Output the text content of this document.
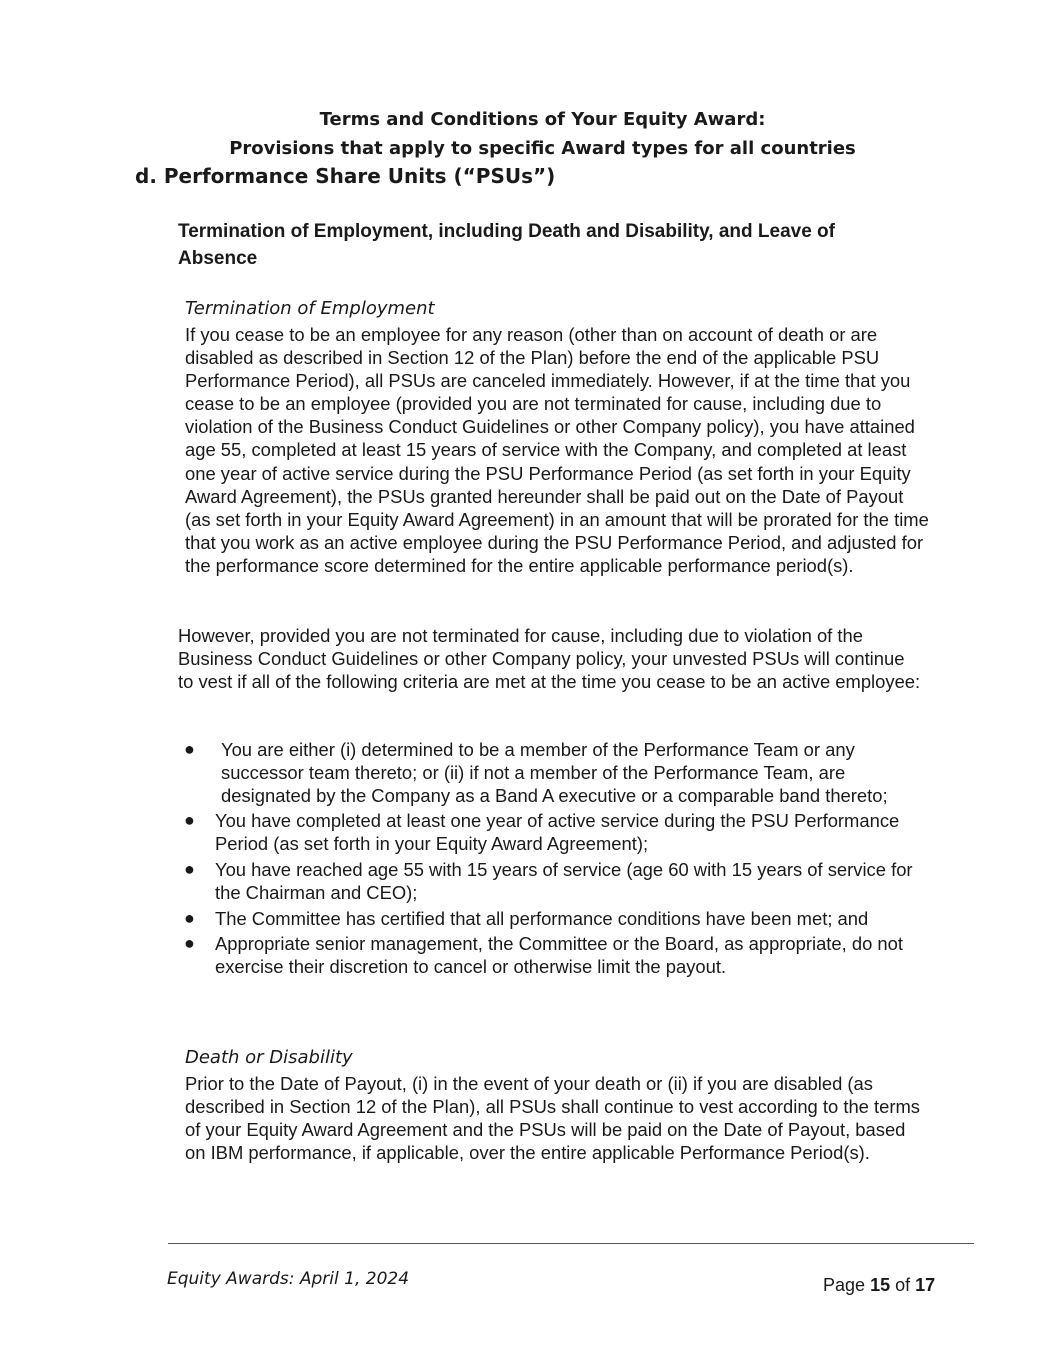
Terms and Conditions of Your Equity Award:
Provisions that apply to specific Award types for all countries
d. Performance Share Units (“PSUs”)
Termination of Employment, including Death and Disability, and Leave of Absence
Termination of Employment

If you cease to be an employee for any reason (other than on account of death or are disabled as described in Section 12 of the Plan) before the end of the applicable PSU Performance Period), all PSUs are canceled immediately. However, if at the time that you cease to be an employee (provided you are not terminated for cause, including due to violation of the Business Conduct Guidelines or other Company policy), you have attained age 55, completed at least 15 years of service with the Company, and completed at least one year of active service during the PSU Performance Period (as set forth in your Equity Award Agreement), the PSUs granted hereunder shall be paid out on the Date of Payout (as set forth in your Equity Award Agreement) in an amount that will be prorated for the time that you work as an active employee during the PSU Performance Period, and adjusted for the performance score determined for the entire applicable performance period(s).

However, provided you are not terminated for cause, including due to violation of the Business Conduct Guidelines or other Company policy, your unvested PSUs will continue to vest if all of the following criteria are met at the time you cease to be an active employee:

● You are either (i) determined to be a member of the Performance Team or any successor team thereto; or (ii) if not a member of the Performance Team, are designated by the Company as a Band A executive or a comparable band thereto;
● You have completed at least one year of active service during the PSU Performance Period (as set forth in your Equity Award Agreement);
● You have reached age 55 with 15 years of service (age 60 with 15 years of service for the Chairman and CEO);
● The Committee has certified that all performance conditions have been met; and
● Appropriate senior management, the Committee or the Board, as appropriate, do not exercise their discretion to cancel or otherwise limit the payout.
Death or Disability

Prior to the Date of Payout, (i) in the event of your death or (ii) if you are disabled (as described in Section 12 of the Plan), all PSUs shall continue to vest according to the terms of your Equity Award Agreement and the PSUs will be paid on the Date of Payout, based on IBM performance, if applicable, over the entire applicable Performance Period(s).

Equity Awards: April 1, 2024	Page 15 of 17
